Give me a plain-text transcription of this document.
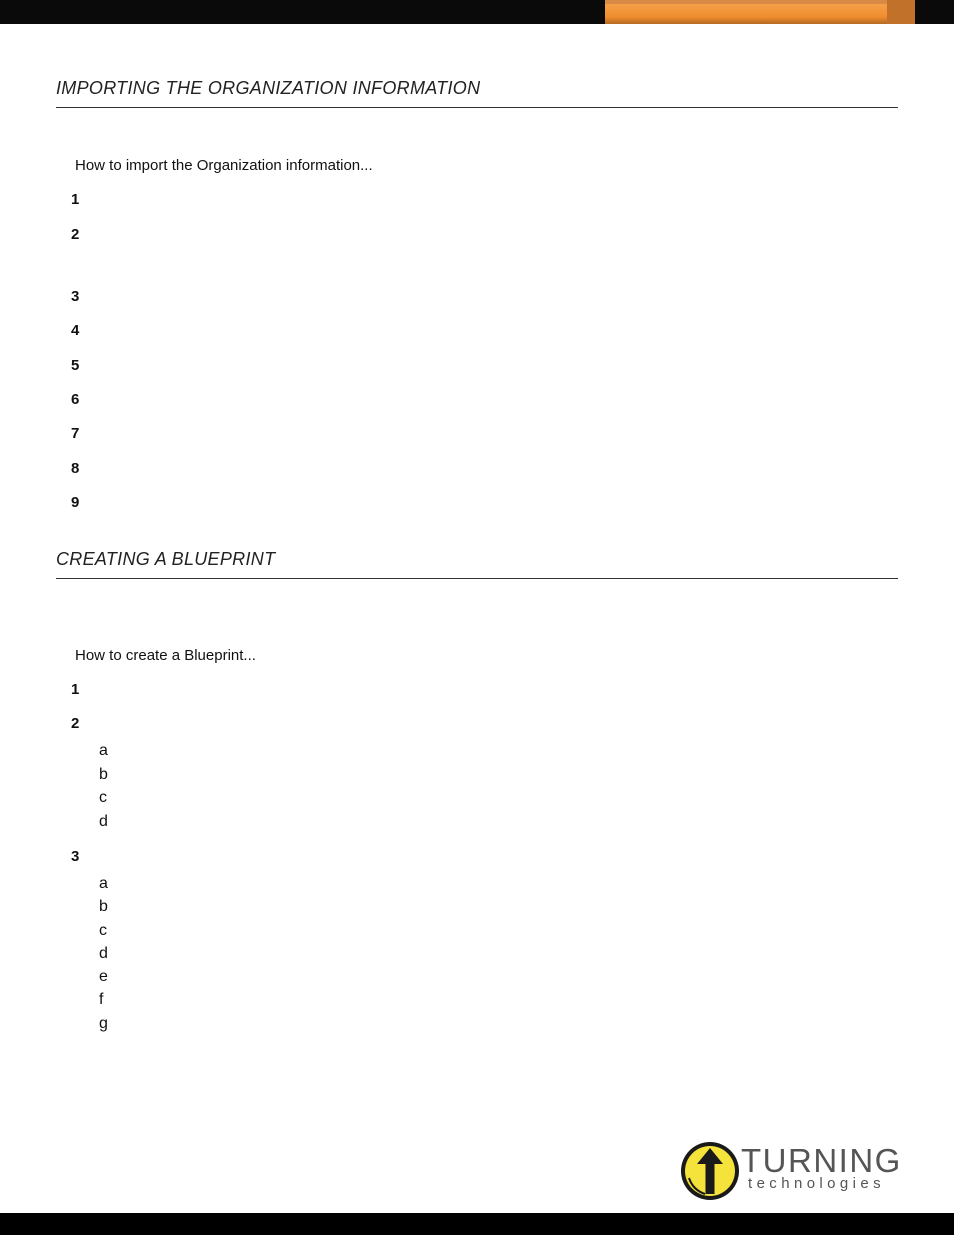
IMPORTING THE ORGANIZATION INFORMATION
How to import the Organization information...
1
2
3
4
5
6
7
8
9
CREATING A BLUEPRINT
How to create a Blueprint...
1
2
a
b
c
d
3
a
b
c
d
e
f
g
TURNING
technologies
